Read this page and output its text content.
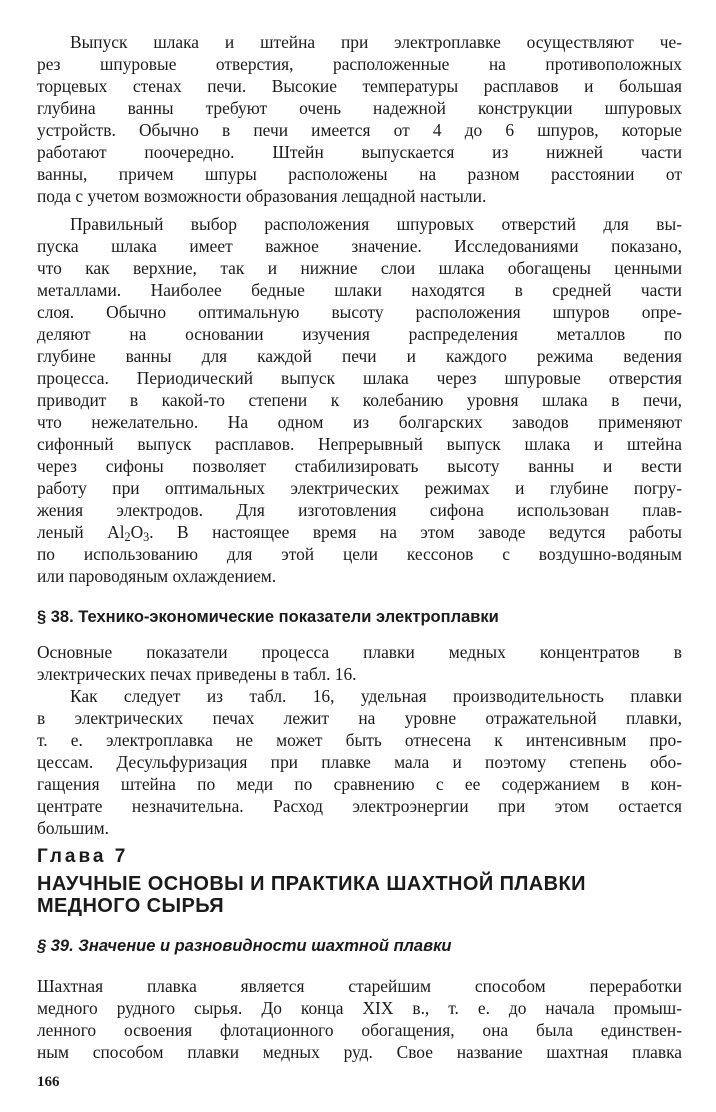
Выпуск шлака и штейна при электроплавке осуществляют че-
рез шпуровые отверстия, расположенные на противоположных
торцевых стенах печи. Высокие температуры расплавов и большая
глубина ванны требуют очень надежной конструкции шпуровых
устройств. Обычно в печи имеется от 4 до 6 шпуров, которые
работают поочередно. Штейн выпускается из нижней части
ванны, причем шпуры расположены на разном расстоянии от
пода с учетом возможности образования лещадной настыли.
Правильный выбор расположения шпуровых отверстий для вы-
пуска шлака имеет важное значение. Исследованиями показано,
что как верхние, так и нижние слои шлака обогащены ценными
металлами. Наиболее бедные шлаки находятся в средней части
слоя. Обычно оптимальную высоту расположения шпуров опре-
деляют на основании изучения распределения металлов по
глубине ванны для каждой печи и каждого режима ведения
процесса. Периодический выпуск шлака через шпуровые отверстия
приводит в какой-то степени к колебанию уровня шлака в печи,
что нежелательно. На одном из болгарских заводов применяют
сифонный выпуск расплавов. Непрерывный выпуск шлака и штейна
через сифоны позволяет стабилизировать высоту ванны и вести
работу при оптимальных электрических режимах и глубине погру-
жения электродов. Для изготовления сифона использован плав-
леный $Al_2O_3$. В настоящее время на этом заводе ведутся работы
по использованию для этой цели кессонов с воздушно-водяным
или пароводяным охлаждением.
§ 38. Технико-экономические показатели электроплавки
Основные показатели процесса плавки медных концентратов в
электрических печах приведены в табл. 16.
Как следует из табл. 16, удельная производительность плавки
в электрических печах лежит на уровне отражательной плавки,
т. е. электроплавка не может быть отнесена к интенсивным про-
цессам. Десульфуризация при плавке мала и поэтому степень обо-
гащения штейна по меди по сравнению с ее содержанием в кон-
центрате незначительна. Расход электроэнергии при этом остается
большим.
Глава 7
НАУЧНЫЕ ОСНОВЫ И ПРАКТИКА ШАХТНОЙ ПЛАВКИ
МЕДНОГО СЫРЬЯ
§ 39. Значение и разновидности шахтной плавки
Шахтная плавка является старейшим способом переработки
медного рудного сырья. До конца XIX в., т. е. до начала промыш-
ленного освоения флотационного обогащения, она была единствен-
ным способом плавки медных руд. Свое название шахтная плавка
166
